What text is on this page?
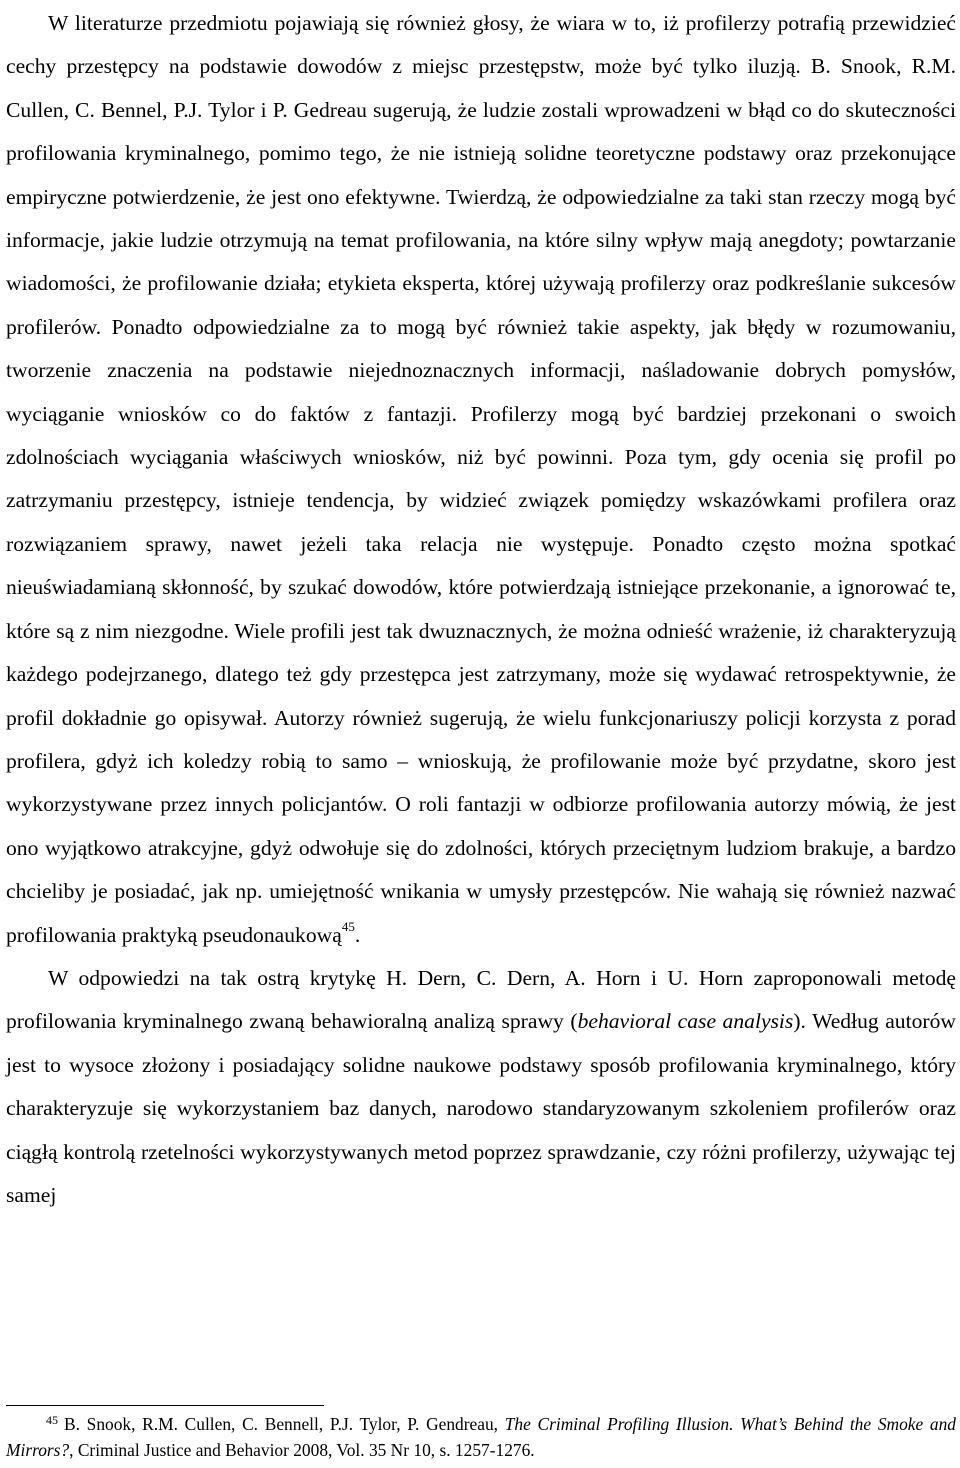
W literaturze przedmiotu pojawiają się również głosy, że wiara w to, iż profilerzy potrafią przewidzieć cechy przestępcy na podstawie dowodów z miejsc przestępstw, może być tylko iluzją. B. Snook, R.M. Cullen, C. Bennel, P.J. Tylor i P. Gedreau sugerują, że ludzie zostali wprowadzeni w błąd co do skuteczności profilowania kryminalnego, pomimo tego, że nie istnieją solidne teoretyczne podstawy oraz przekonujące empiryczne potwierdzenie, że jest ono efektywne. Twierdzą, że odpowiedzialne za taki stan rzeczy mogą być informacje, jakie ludzie otrzymują na temat profilowania, na które silny wpływ mają anegdoty; powtarzanie wiadomości, że profilowanie działa; etykieta eksperta, której używają profilerzy oraz podkreślanie sukcesów profilerów. Ponadto odpowiedzialne za to mogą być również takie aspekty, jak błędy w rozumowaniu, tworzenie znaczenia na podstawie niejednoznacznych informacji, naśladowanie dobrych pomysłów, wyciąganie wniosków co do faktów z fantazji. Profilerzy mogą być bardziej przekonani o swoich zdolnościach wyciągania właściwych wniosków, niż być powinni. Poza tym, gdy ocenia się profil po zatrzymaniu przestępcy, istnieje tendencja, by widzieć związek pomiędzy wskazówkami profilera oraz rozwiązaniem sprawy, nawet jeżeli taka relacja nie występuje. Ponadto często można spotkać nieuświadamianą skłonność, by szukać dowodów, które potwierdzają istniejące przekonanie, a ignorować te, które są z nim niezgodne. Wiele profili jest tak dwuznacznych, że można odnieść wrażenie, iż charakteryzują każdego podejrzanego, dlatego też gdy przestępca jest zatrzymany, może się wydawać retrospektywnie, że profil dokładnie go opisywał. Autorzy również sugerują, że wielu funkcjonariuszy policji korzysta z porad profilera, gdyż ich koledzy robią to samo – wnioskują, że profilowanie może być przydatne, skoro jest wykorzystywane przez innych policjantów. O roli fantazji w odbiorze profilowania autorzy mówią, że jest ono wyjątkowo atrakcyjne, gdyż odwołuje się do zdolności, których przeciętnym ludziom brakuje, a bardzo chcieliby je posiadać, jak np. umiejętność wnikania w umysły przestępców. Nie wahają się również nazwać profilowania praktyką pseudonaukową$^{45}$.

W odpowiedzi na tak ostrą krytykę H. Dern, C. Dern, A. Horn i U. Horn zaproponowali metodę profilowania kryminalnego zwaną behawioralną analizą sprawy (behavioral case analysis). Według autorów jest to wysoce złożony i posiadający solidne naukowe podstawy sposób profilowania kryminalnego, który charakteryzuje się wykorzystaniem baz danych, narodowo standaryzowanym szkoleniem profilerów oraz ciągłą kontrolą rzetelności wykorzystywanych metod poprzez sprawdzanie, czy różni profilerzy, używając tej samej

$^{45}$ B. Snook, R.M. Cullen, C. Bennell, P.J. Tylor, P. Gendreau, The Criminal Profiling Illusion. What’s Behind the Smoke and Mirrors?, Criminal Justice and Behavior 2008, Vol. 35 Nr 10, s. 1257-1276.
